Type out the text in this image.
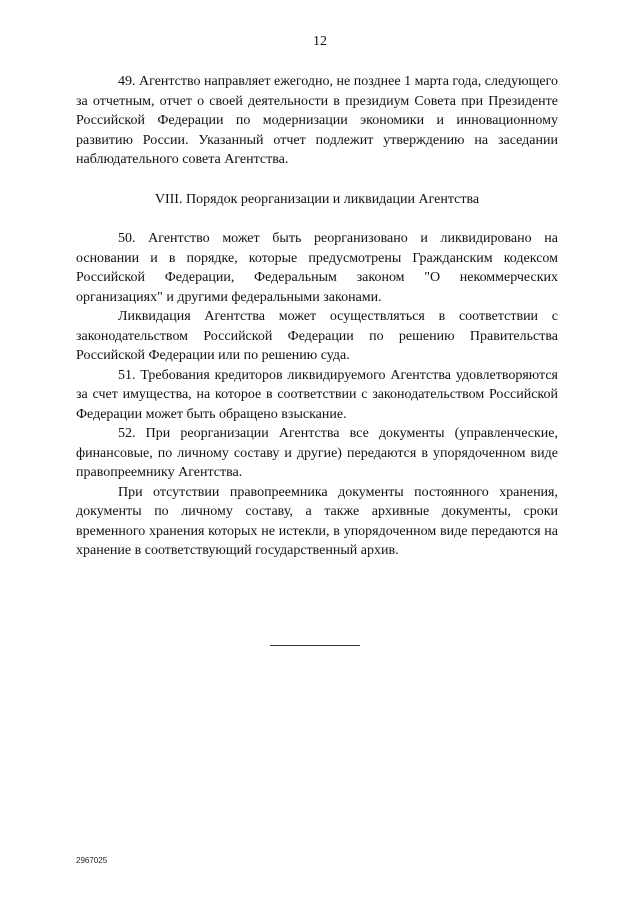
12

49. Агентство направляет ежегодно, не позднее 1 марта года, следующего за отчетным, отчет о своей деятельности в президиум Совета при Президенте Российской Федерации по модернизации экономики и инновационному развитию России. Указанный отчет подлежит утверждению на заседании наблюдательного совета Агентства.

VIII. Порядок реорганизации и ликвидации Агентства

50. Агентство может быть реорганизовано и ликвидировано на основании и в порядке, которые предусмотрены Гражданским кодексом Российской Федерации, Федеральным законом "О некоммерческих организациях" и другими федеральными законами.

Ликвидация Агентства может осуществляться в соответствии с законодательством Российской Федерации по решению Правительства Российской Федерации или по решению суда.

51. Требования кредиторов ликвидируемого Агентства удовлетворяются за счет имущества, на которое в соответствии с законодательством Российской Федерации может быть обращено взыскание.

52. При реорганизации Агентства все документы (управленческие, финансовые, по личному составу и другие) передаются в упорядоченном виде правопреемнику Агентства.

При отсутствии правопреемника документы постоянного хранения, документы по личному составу, а также архивные документы, сроки временного хранения которых не истекли, в упорядоченном виде передаются на хранение в соответствующий государственный архив.

2967025
